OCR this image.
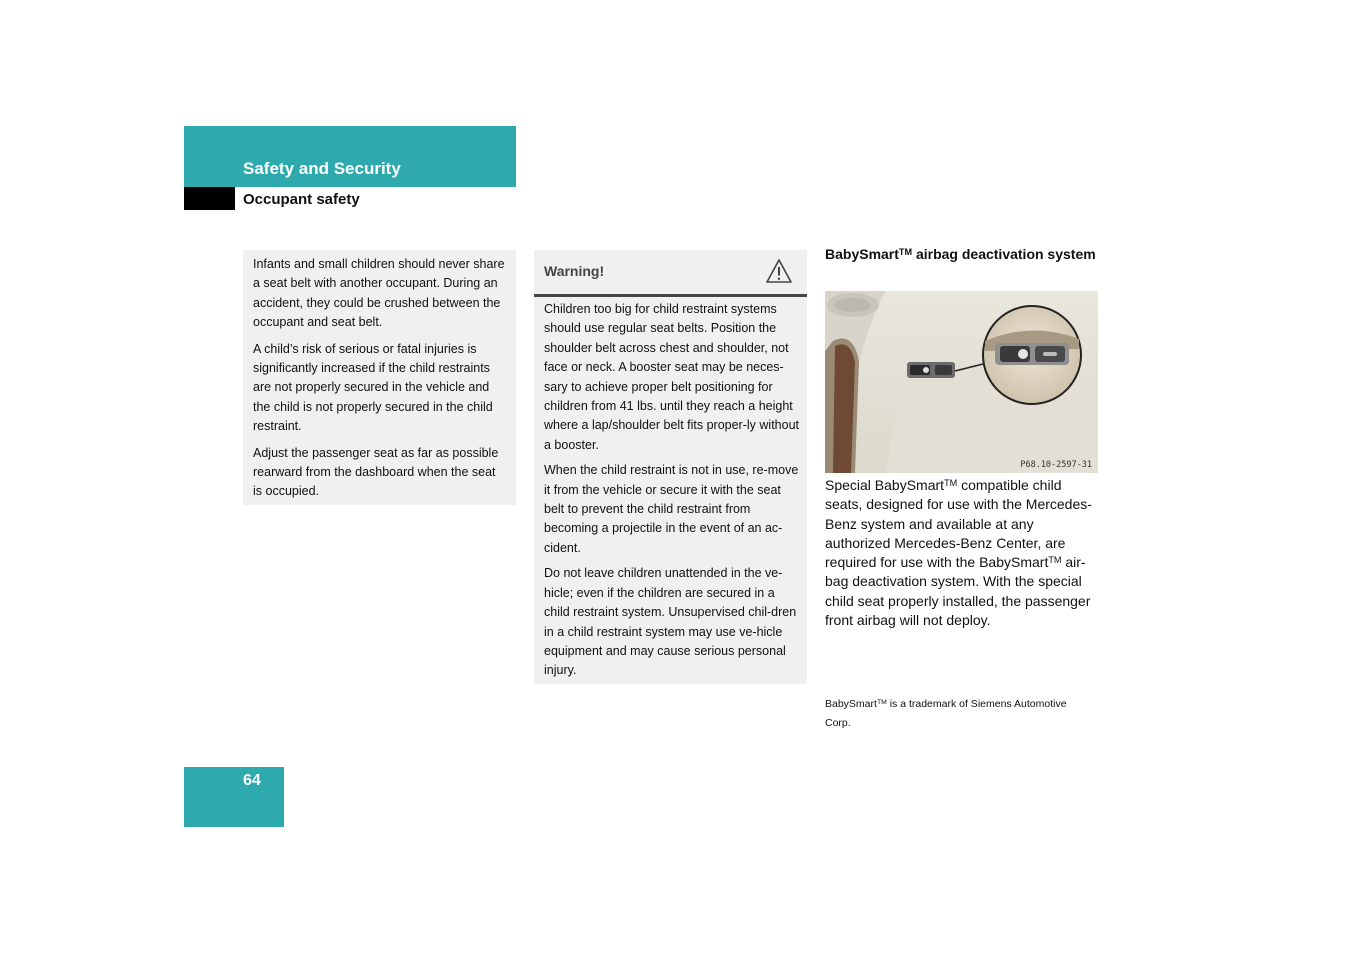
Safety and Security
Occupant safety

Infants and small children should never share a seat belt with another occupant. During an accident, they could be crushed between the occupant and seat belt.

A child’s risk of serious or fatal injuries is significantly increased if the child restraints are not properly secured in the vehicle and the child is not properly secured in the child restraint.

Adjust the passenger seat as far as possible rearward from the dashboard when the seat is occupied.

Warning!

Children too big for child restraint systems should use regular seat belts. Position the shoulder belt across chest and shoulder, not face or neck. A booster seat may be neces-sary to achieve proper belt positioning for children from 41 lbs. until they reach a height where a lap/shoulder belt fits proper-ly without a booster.

When the child restraint is not in use, re-move it from the vehicle or secure it with the seat belt to prevent the child restraint from becoming a projectile in the event of an ac-cident.

Do not leave children unattended in the ve-hicle; even if the children are secured in a child restraint system. Unsupervised chil-dren in a child restraint system may use ve-hicle equipment and may cause serious personal injury.

BabySmart™ airbag deactivation system

P68.10-2597-31
Special BabySmart™ compatible child seats, designed for use with the Mercedes-Benz system and available at any authorized Mercedes-Benz Center, are required for use with the BabySmart™ air-bag deactivation system. With the special child seat properly installed, the passenger front airbag will not deploy.
BabySmart™ is a trademark of Siemens Automotive Corp.
64
